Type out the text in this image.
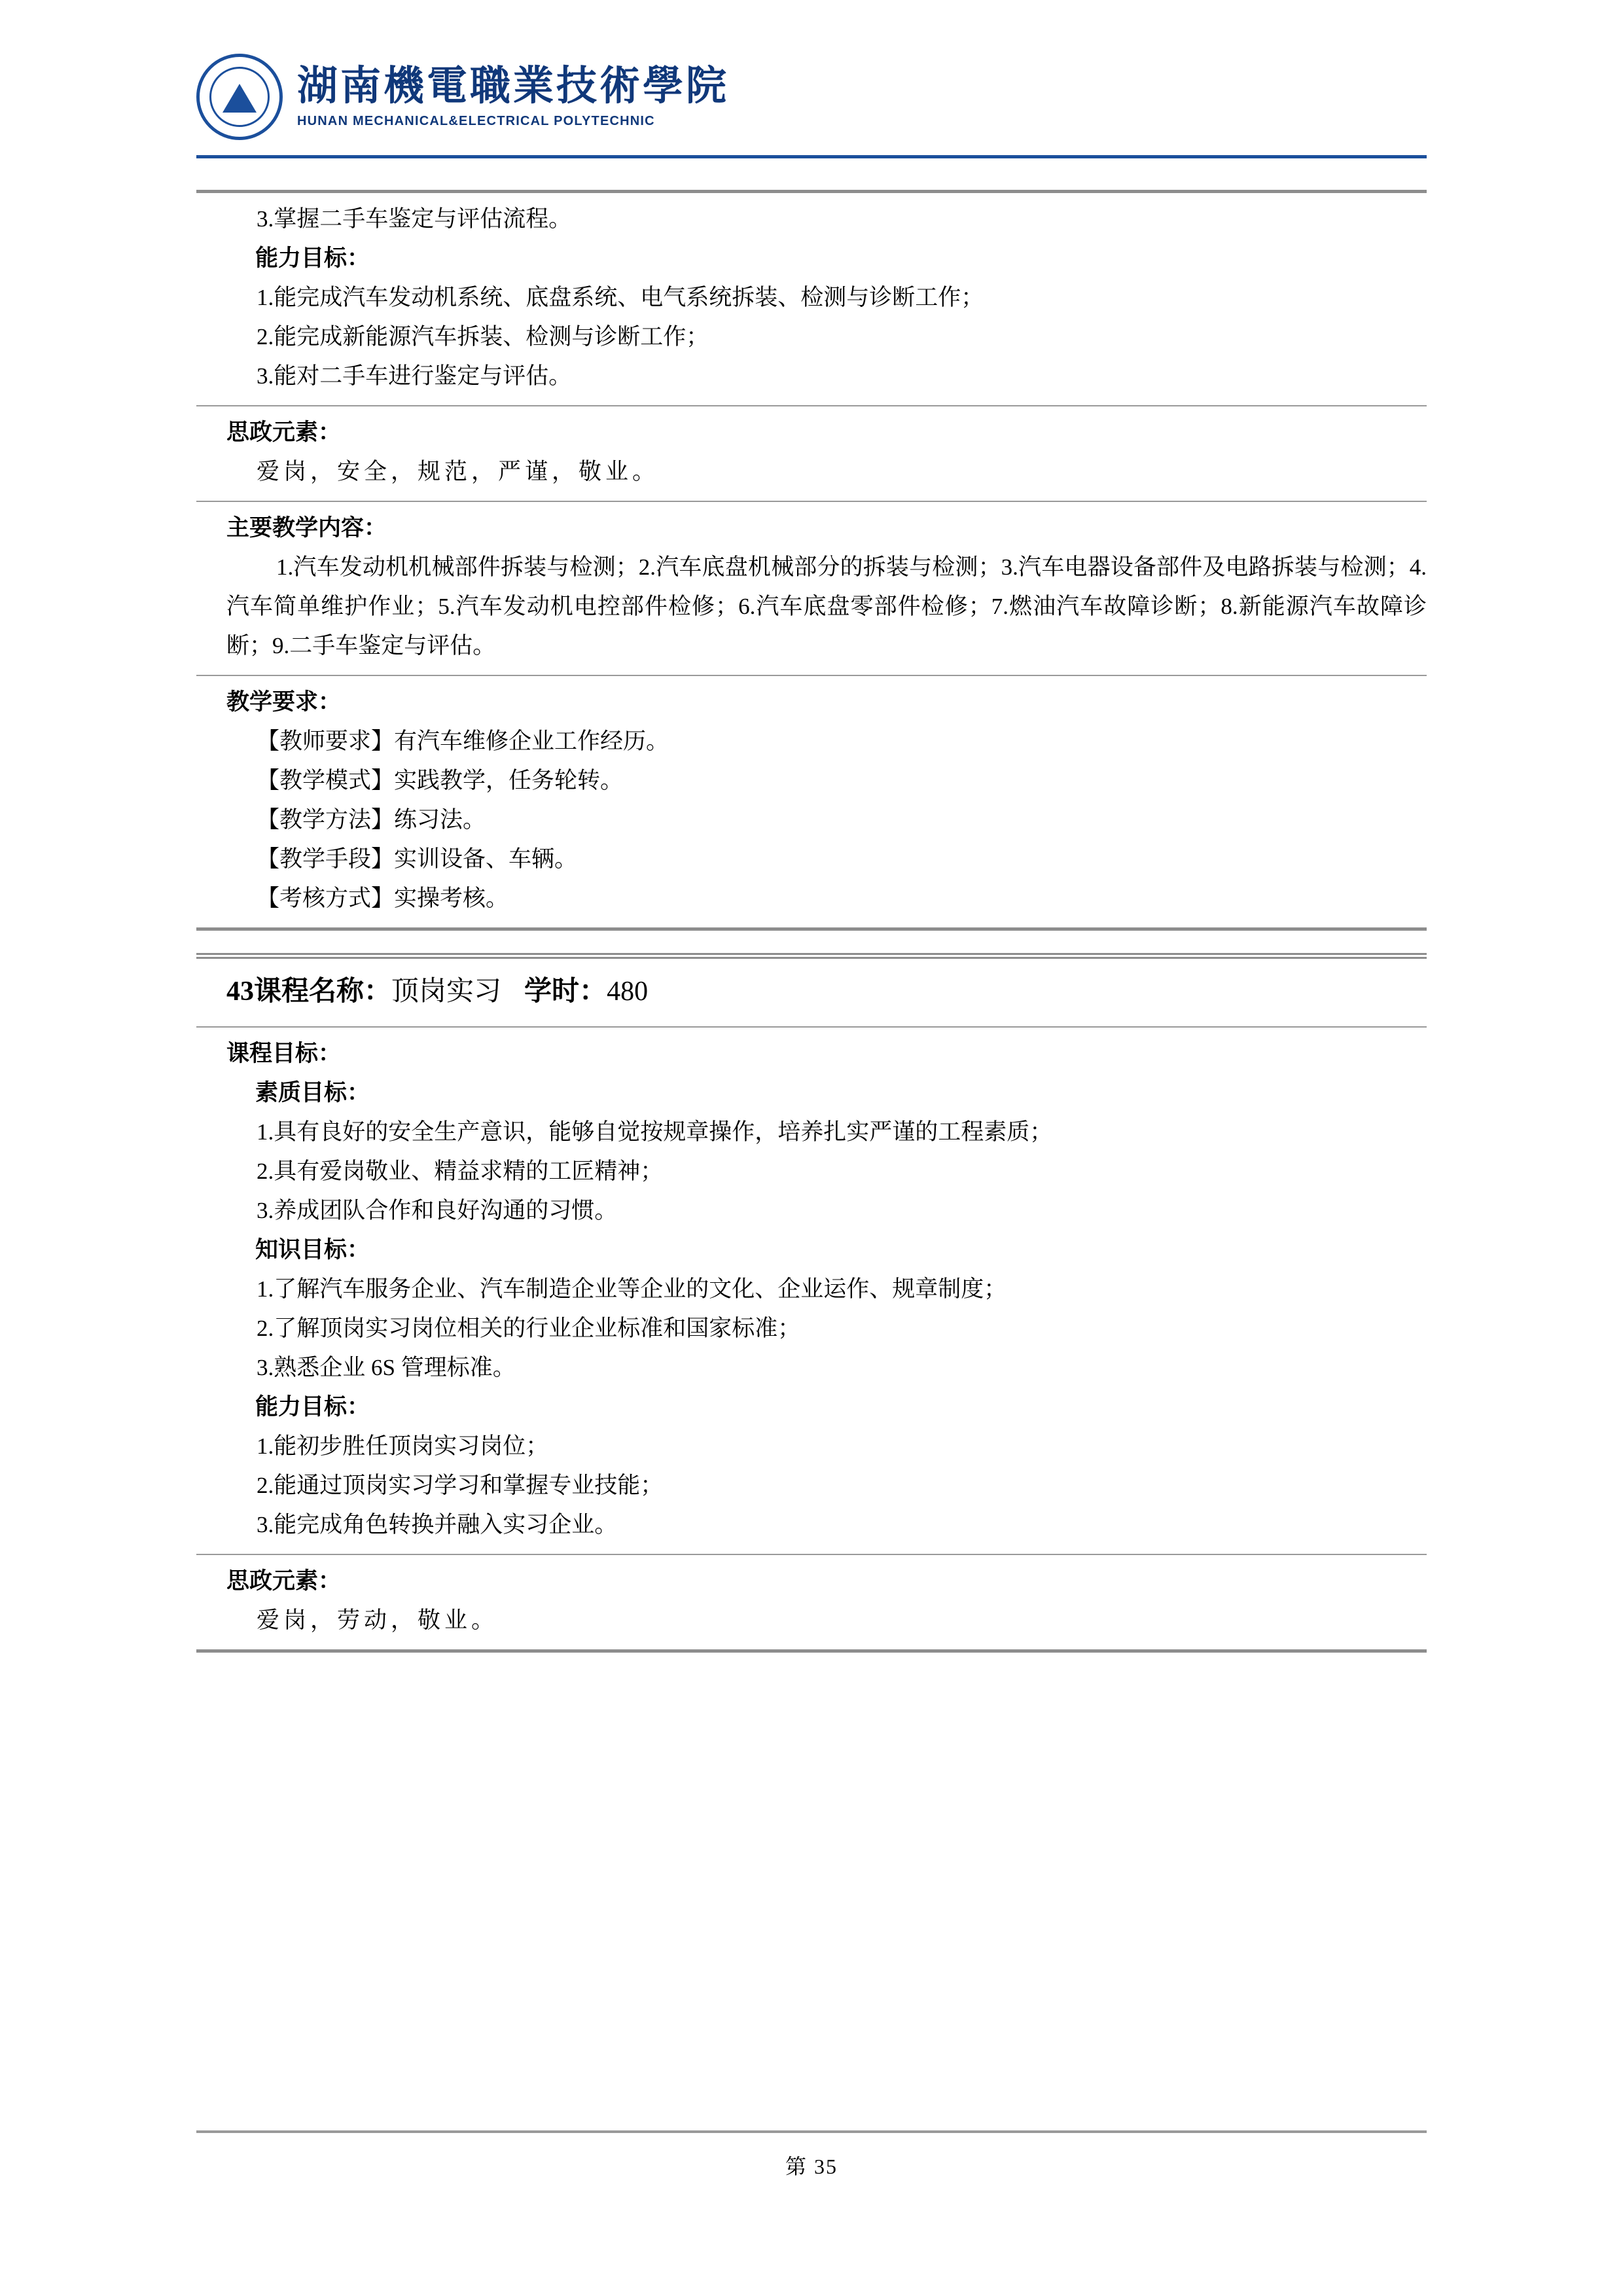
湖南機電職業技術學院
HUNAN MECHANICAL&ELECTRICAL POLYTECHNIC
3.掌握二手车鉴定与评估流程。
能力目标：
1.能完成汽车发动机系统、底盘系统、电气系统拆装、检测与诊断工作；
2.能完成新能源汽车拆装、检测与诊断工作；
3.能对二手车进行鉴定与评估。
思政元素：
爱岗，安全，规范，严谨，敬业。
主要教学内容：
1.汽车发动机机械部件拆装与检测；2.汽车底盘机械部分的拆装与检测；3.汽车电器设备部件及电路拆装与检测；4.汽车简单维护作业；5.汽车发动机电控部件检修；6.汽车底盘零部件检修；7.燃油汽车故障诊断；8.新能源汽车故障诊断；9.二手车鉴定与评估。
教学要求：
【教师要求】有汽车维修企业工作经历。
【教学模式】实践教学，任务轮转。
【教学方法】练习法。
【教学手段】实训设备、车辆。
【考核方式】实操考核。
43课程名称：顶岗实习 学时：480
课程目标：
素质目标：
1.具有良好的安全生产意识，能够自觉按规章操作，培养扎实严谨的工程素质；
2.具有爱岗敬业、精益求精的工匠精神；
3.养成团队合作和良好沟通的习惯。
知识目标：
1.了解汽车服务企业、汽车制造企业等企业的文化、企业运作、规章制度；
2.了解顶岗实习岗位相关的行业企业标准和国家标准；
3.熟悉企业 6S 管理标准。
能力目标：
1.能初步胜任顶岗实习岗位；
2.能通过顶岗实习学习和掌握专业技能；
3.能完成角色转换并融入实习企业。
思政元素：
爱岗，劳动，敬业。
第 35
